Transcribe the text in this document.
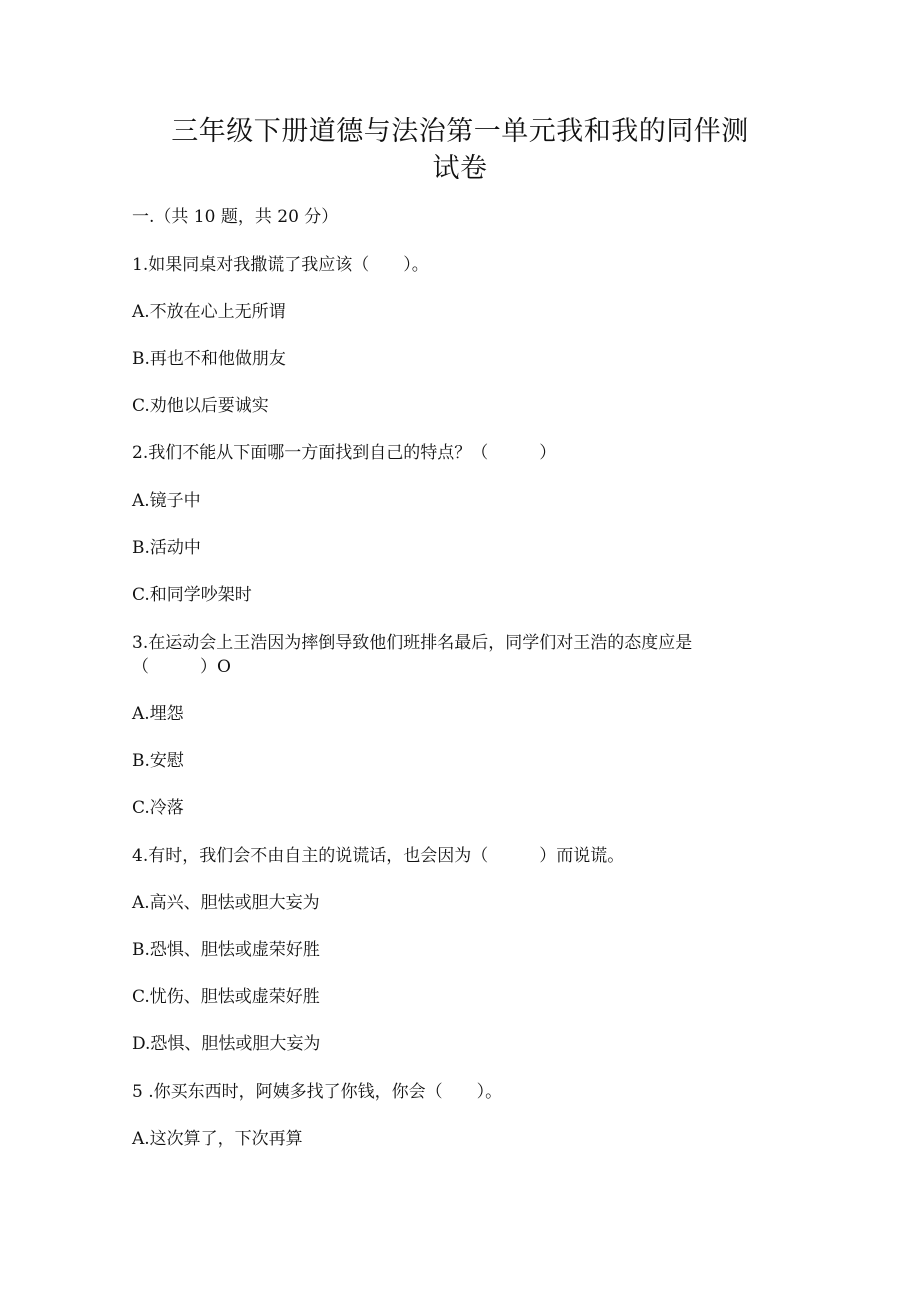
三年级下册道德与法治第一单元我和我的同伴测
试卷
一.（共 10 题，共 20 分）
1.如果同桌对我撒谎了我应该（　　）。
A.不放在心上无所谓
B.再也不和他做朋友
C.劝他以后要诚实
2.我们不能从下面哪一方面找到自己的特点？（　　　）
A.镜子中
B.活动中
C.和同学吵架时
3.在运动会上王浩因为摔倒导致他们班排名最后，同学们对王浩的态度应是
（　　　）O
A.埋怨
B.安慰
C.冷落
4.有时，我们会不由自主的说谎话，也会因为（　　　）而说谎。
A.高兴、胆怯或胆大妄为
B.恐惧、胆怯或虚荣好胜
C.忧伤、胆怯或虚荣好胜
D.恐惧、胆怯或胆大妄为
5 .你买东西时，阿姨多找了你钱，你会（　　）。
A.这次算了，下次再算
